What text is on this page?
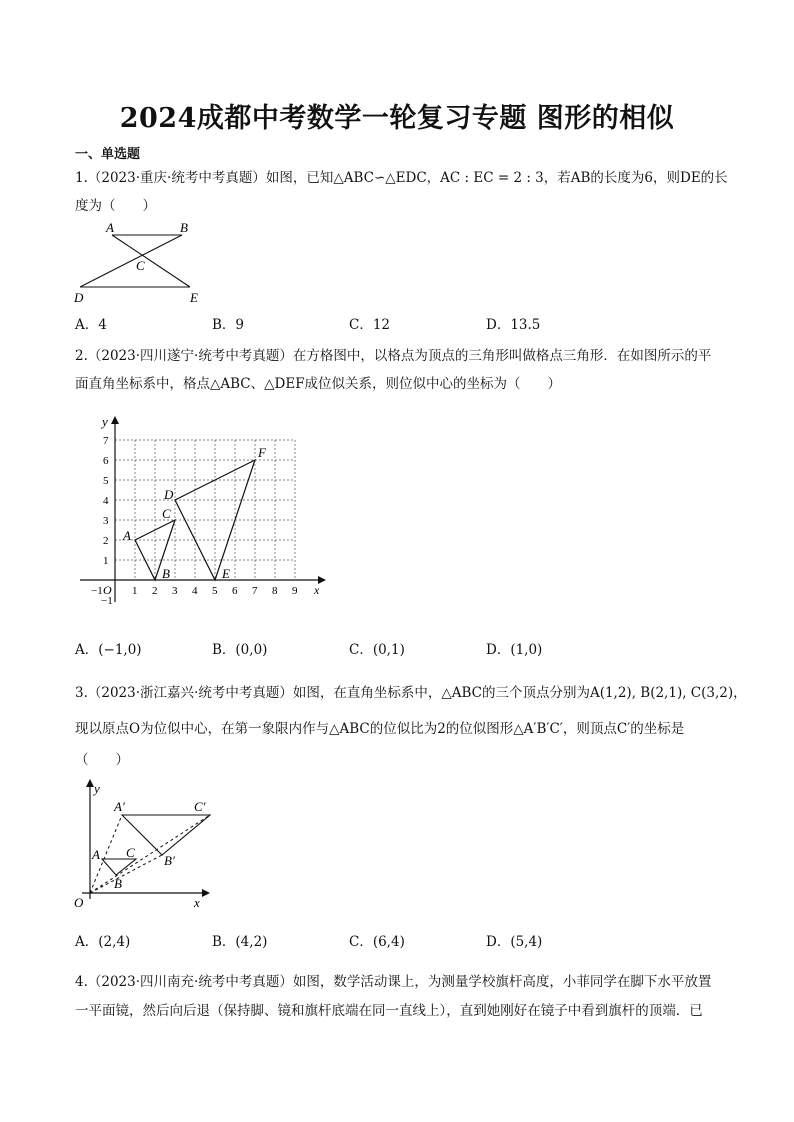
2024成都中考数学一轮复习专题 图形的相似
一、单选题
1.（2023·重庆·统考中考真题）如图，已知△ABC∽△EDC，AC : EC = 2 : 3，若AB的长度为6，则DE的长
度为（　　）
A	B
C
D	E
A．4	B．9	C．12	D．13.5
2.（2023·四川遂宁·统考中考真题）在方格图中，以格点为顶点的三角形叫做格点三角形．在如图所示的平
面直角坐标系中，格点△ABC、△DEF成位似关系，则位似中心的坐标为（　　）
−1	1 2 3 4 5 6 7 8 9
7
6
5
4
3
2
1
−1
x
y
O
A
B
C
D
E
F
A．(−1,0)	B．(0,0)	C．(0,1)	D．(1,0)
3.（2023·浙江嘉兴·统考中考真题）如图，在直角坐标系中，△ABC的三个顶点分别为A(1,2), B(2,1), C(3,2)，
现以原点O为位似中心，在第一象限内作与△ABC的位似比为2的位似图形△A′B′C′，则顶点C′的坐标是
（　　）
A
B
C
A′
B′
C′
O	x
y
A．(2,4)	B．(4,2)	C．(6,4)	D．(5,4)
4.（2023·四川南充·统考中考真题）如图，数学活动课上，为测量学校旗杆高度，小菲同学在脚下水平放置
一平面镜，然后向后退（保持脚、镜和旗杆底端在同一直线上），直到她刚好在镜子中看到旗杆的顶端．已
